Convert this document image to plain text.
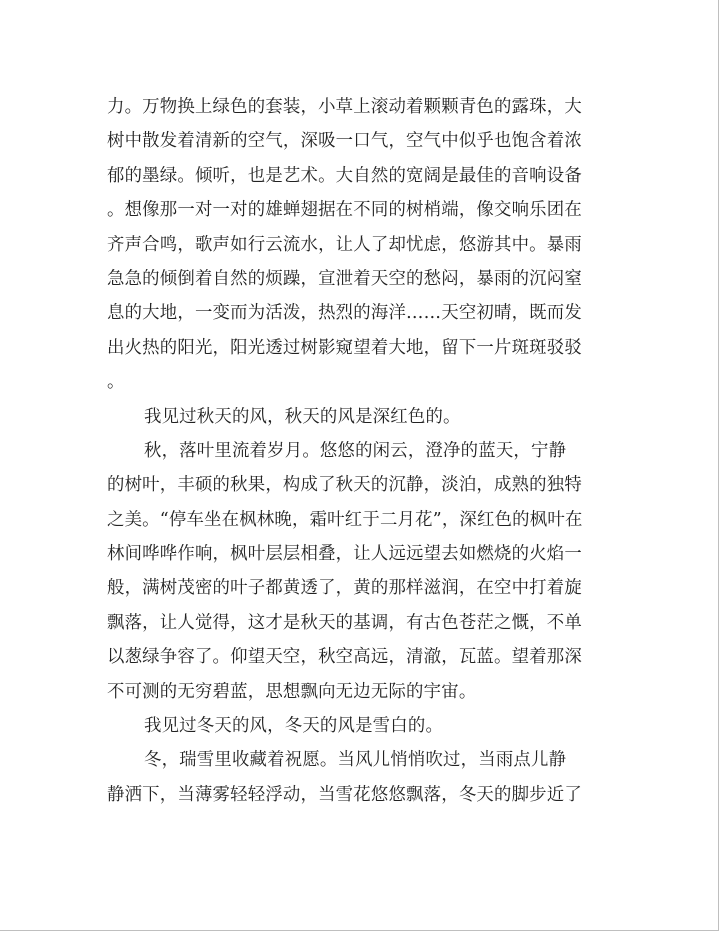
力。万物换上绿色的套装，小草上滚动着颗颗青色的露珠，大
树中散发着清新的空气，深吸一口气，空气中似乎也饱含着浓
郁的墨绿。倾听，也是艺术。大自然的宽阔是最佳的音响设备
。想像那一对一对的雄蝉翅据在不同的树梢端，像交响乐团在
齐声合鸣，歌声如行云流水，让人了却忧虑，悠游其中。暴雨
急急的倾倒着自然的烦躁，宣泄着天空的愁闷，暴雨的沉闷窒
息的大地，一变而为活泼，热烈的海洋……天空初晴，既而发
出火热的阳光，阳光透过树影窥望着大地，留下一片斑斑驳驳
。
我见过秋天的风，秋天的风是深红色的。
秋，落叶里流着岁月。悠悠的闲云，澄净的蓝天，宁静
的树叶，丰硕的秋果，构成了秋天的沉静，淡泊，成熟的独特
之美。“停车坐在枫林晚，霜叶红于二月花”，深红色的枫叶在
林间哗哗作响，枫叶层层相叠，让人远远望去如燃烧的火焰一
般，满树茂密的叶子都黄透了，黄的那样滋润，在空中打着旋
飘落，让人觉得，这才是秋天的基调，有古色苍茫之慨，不单
以葱绿争容了。仰望天空，秋空高远，清澈，瓦蓝。望着那深
不可测的无穷碧蓝，思想飘向无边无际的宇宙。
我见过冬天的风，冬天的风是雪白的。
冬，瑞雪里收藏着祝愿。当风儿悄悄吹过，当雨点儿静
静洒下，当薄雾轻轻浮动，当雪花悠悠飘落，冬天的脚步近了
